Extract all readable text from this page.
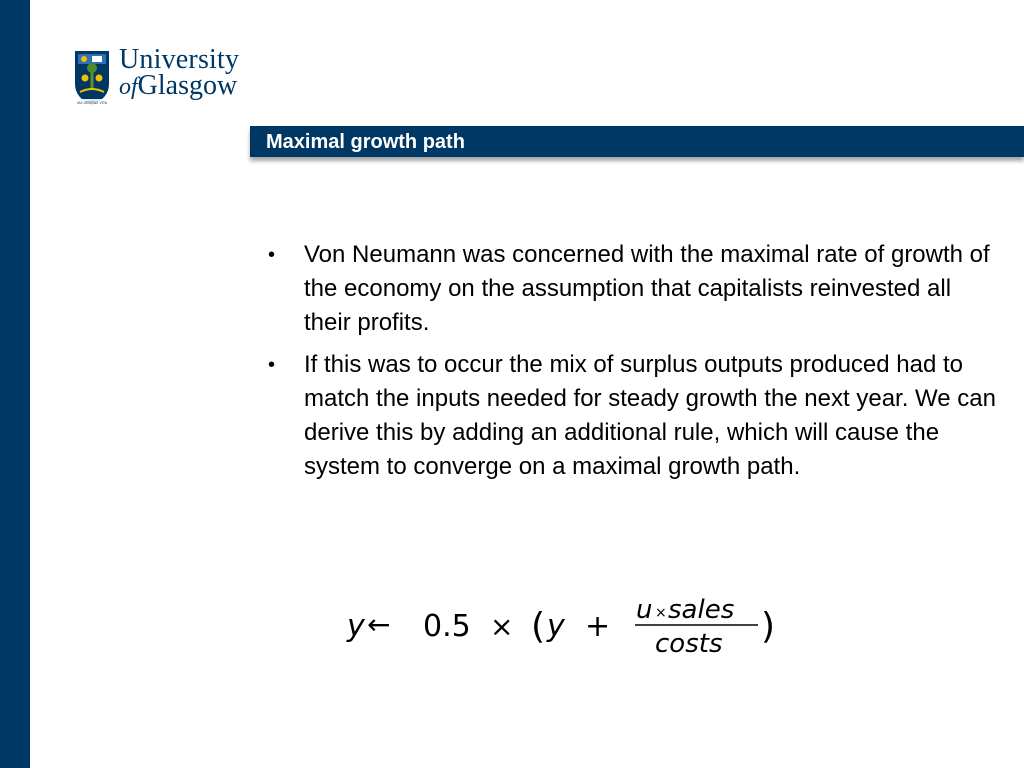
VIA VERITAS VITA
University
ofGlasgow
Maximal growth path
• Von Neumann was concerned with the maximal rate of growth of the economy on the assumption that capitalists reinvested all their profits.
• If this was to occur the mix of surplus outputs produced had to match the inputs needed for steady growth the next year. We can derive this by adding an additional rule, which will cause the system to converge on a maximal growth path.
y ← 0.5 × ( y + u × sales
costs )
